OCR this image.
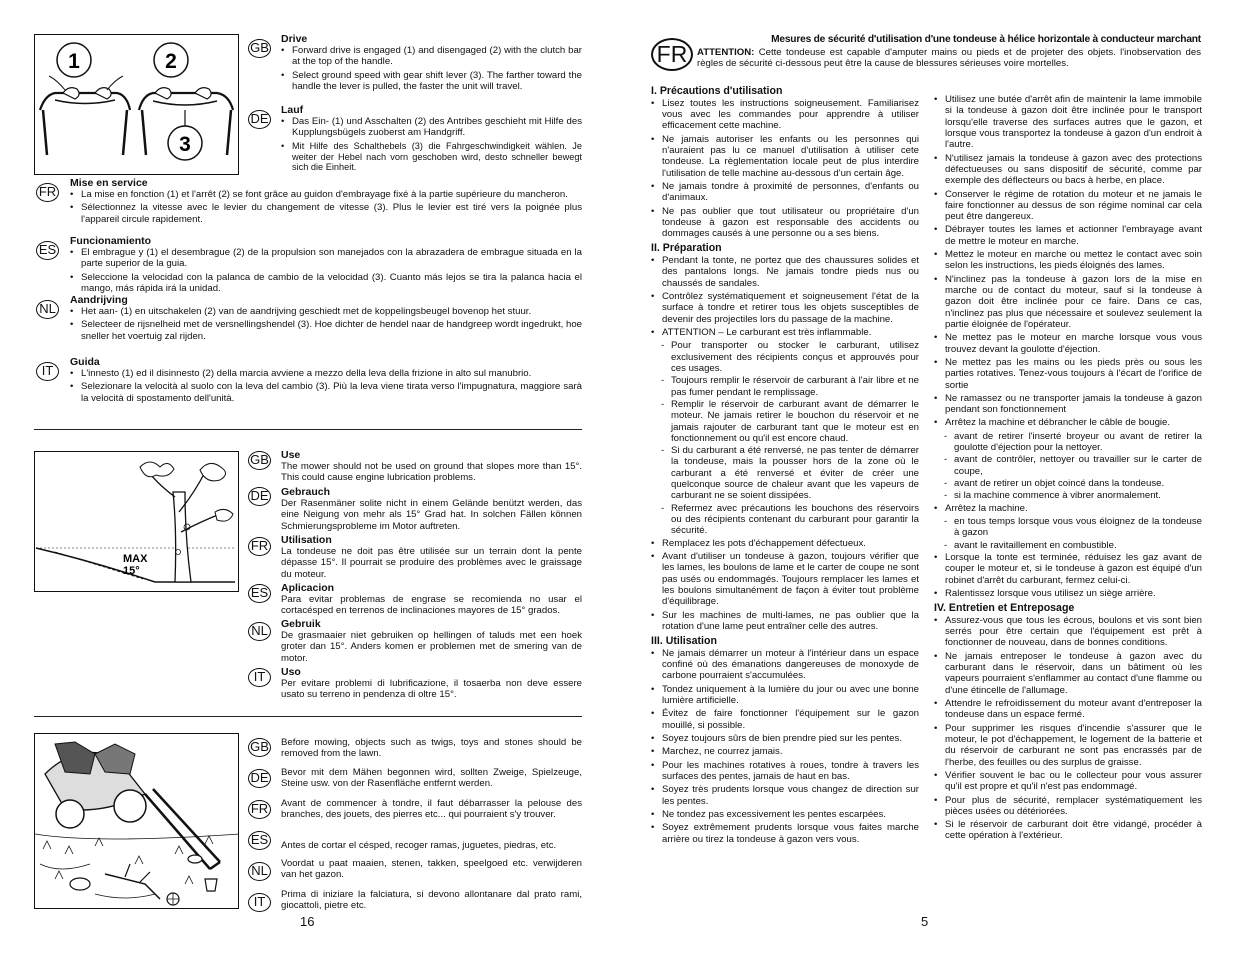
1	2
3
GB
Drive
• Forward drive is engaged (1) and disengaged (2) with the clutch bar at the top of the handle.
• Select ground speed with gear shift lever (3). The farther toward the handle the lever is pulled, the faster the unit will travel.
DE
Lauf
• Das Ein- (1) und Asschalten (2) des Antribes geschieht mit Hilfe des Kupplungsbügels zuoberst am Handgriff.
• Mit Hilfe des Schalthebels (3) die Fahrgeschwindigkeit wählen. Je weiter der Hebel nach vorn geschoben wird, desto schneller bewegt sich die Einheit.
FR
Mise en service
• La mise en fonction (1) et l'arrêt (2) se font grâce au guidon d'embrayage fixé à la partie supérieure du mancheron.
• Sélectionnez la vitesse avec le levier du changement de vitesse (3). Plus le levier est tiré vers la poignée plus l'appareil circule rapidement.
ES
Funcionamiento
• El embrague y (1) el desembrague (2) de la propulsion son manejados con la abrazadera de embrague situada en la parte superior de la guia.
• Seleccione la velocidad con la palanca de cambio de la velocidad (3). Cuanto más lejos se tira la palanca hacia el mango, más rápida irá la unidad.
NL
Aandrijving
• Het aan- (1) en uitschakelen (2) van de aandrijving geschiedt met de koppelingsbeugel bovenop het stuur.
• Selecteer de rijsnelheid met de versnellingshendel (3). Hoe dichter de hendel naar de handgreep wordt ingedrukt, hoe sneller het voertuig zal rijden.
IT
Guida
• L'innesto (1) ed il disinnesto (2) della marcia avviene a mezzo della leva della frizione in alto sul manubrio.
• Selezionare la velocità al suolo con la leva del cambio (3). Più la leva viene tirata verso l'impugnatura, maggiore sarà la velocità di spostamento dell'unità.
MAX
15°
GB Use

The mower should not be used on ground that slopes more than 15°. This could cause engine lubrication problems.

DE Gebrauch

Der Rasenmäner solite nicht in einem Gelände benützt werden, das eine Neigung von mehr als 15° Grad hat. In solchen Fällen können Schmierungsprobleme im Motor auftreten.

FR Utilisation

La tondeuse ne doit pas être utilisée sur un terrain dont la pente dépasse 15°. Il pourrait se produire des problèmes avec le graissage du moteur.

ES Aplicacion

Para evitar problemas de engrase se recomienda no usar el cortacésped en terrenos de inclinaciones mayores de 15° grados.

NL	Gebruik

De grasmaaier niet gebruiken op hellingen of taluds met een hoek groter dan 15°. Anders komen er problemen met de smering van de motor.

IT	Uso

Per evitare problemi di lubrificazione, il tosaerba non deve essere usato su terreno in pendenza di oltre 15°.

GB Before mowing, objects such as twigs, toys and stones should be removed from the lawn.

DE Bevor mit dem Mähen begonnen wird, sollten Zweige, Spielzeuge, Steine usw. von der Rasenfläche entfernt werden.

FR Avant de commencer à tondre, il faut débarrasser la pelouse des branches, des jouets, des pierres etc... qui pourraient s'y trouver.

ES Antes de cortar el césped, recoger ramas, juguetes, piedras, etc.

NL	Voordat u paat maaien, stenen, takken, speelgoed etc. verwijderen van het gazon.

IT	Prima di iniziare la falciatura, si devono allontanare dal prato rami, giocattoli, pietre etc.

16
FR
Mesures de sécurité d'utilisation d'une tondeuse à hélice horizontale à conducteur marchant
ATTENTION: Cette tondeuse est capable d'amputer mains ou pieds et de projeter des objets. l'inobservation des règles de sécurité ci-dessous peut être la cause de blessures sérieuses voire mortelles.
I. Précautions d'utilisation
• Lisez toutes les instructions soigneusement. Familiarisez vous avec les commandes pour apprendre à utiliser efficacement cette machine.
• Ne jamais autoriser les enfants ou les personnes qui n'auraient pas lu ce manuel d'utilisation à utiliser cete tondeuse. La règlementation locale peut de plus interdire l'utilisation de telle machine au-dessous d'un certain âge.
• Ne jamais tondre à proximité de personnes, d'enfants ou d'animaux.
• Ne pas oublier que tout utilisateur ou propriétaire d'un tondeuse à gazon est responsable des accidents ou dommages causés à une personne ou a ses biens.
II. Préparation
• Pendant la tonte, ne portez que des chaussures solides et des pantalons longs. Ne jamais tondre pieds nus ou chaussés de sandales.
• Contrôlez systématiquement et soigneusement l'état de la surface à tondre et retirer tous les objets susceptibles de devenir des projectiles lors du passage de la machine.
• ATTENTION – Le carburant est très inflammable.
- Pour transporter ou stocker le carburant, utilisez exclusivement des récipients conçus et approuvés pour ces usages.
- Toujours remplir le réservoir de carburant à l'air libre et ne pas fumer pendant le remplissage.
- Remplir le réservoir de carburant avant de démarrer le moteur. Ne jamais retirer le bouchon du réservoir et ne jamais rajouter de carburant tant que le moteur est en fonctionnement ou qu'il est encore chaud.
- Si du carburant a été renversé, ne pas tenter de démarrer la tondeuse, mais la pousser hors de la zone où le carburant a été renversé et éviter de créer une quelconque source de chaleur avant que les vapeurs de carburant ne se soient dissipées.
- Refermez avec précautions les bouchons des réservoirs ou des récipients contenant du carburant pour garantir la sécurité.
• Remplacez les pots d'échappement défectueux.
• Avant d'utiliser un tondeuse à gazon, toujours vérifier que les lames, les boulons de lame et le carter de coupe ne sont pas usés ou endommagés. Toujours remplacer les lames et les boulons simultanément de façon à éviter tout problème d'équilibrage.
• Sur les machines de multi-lames, ne pas oublier que la rotation d'une lame peut entraîner celle des autres.
III. Utilisation
• Ne jamais démarrer un moteur à l'intérieur dans un espace confiné où des émanations dangereuses de monoxyde de carbone pourraient s'accumulées.
• Tondez uniquement à la lumière du jour ou avec une bonne lumière artificielle.
• Évitez de faire fonctionner l'équipement sur le gazon mouillé, si possible.
• Soyez toujours sûrs de bien prendre pied sur les pentes.
• Marchez, ne courrez jamais.
• Pour les machines rotatives à roues, tondre à travers les surfaces des pentes, jamais de haut en bas.
• Soyez très prudents lorsque vous changez de direction sur les pentes.
• Ne tondez pas excessivement les pentes escarpées.
• Soyez extrêmement prudents lorsque vous faites marche arrière ou tirez la tondeuse à gazon vers vous.
• Utilisez une butée d'arrêt afin de maintenir la lame immobile si la tondeuse à gazon doit être inclinée pour le transport lorsqu'elle traverse des surfaces autres que le gazon, et lorsque vous transportez la tondeuse à gazon d'un endroit à l'autre.
• N'utilisez jamais la tondeuse à gazon avec des protections défectueuses ou sans dispositif de sécurité, comme par exemple des déflecteurs ou bacs à herbe, en place.
• Conserver le régime de rotation du moteur et ne jamais le faire fonctionner au dessus de son régime nominal car cela peut être dangereux.
• Débrayer toutes les lames et actionner l'embrayage avant de mettre le moteur en marche.
• Mettez le moteur en marche ou mettez le contact avec soin selon les instructions, les pieds éloignés des lames.
• N'inclinez pas la tondeuse à gazon lors de la mise en marche ou de contact du moteur, sauf si la tondeuse à gazon doit être inclinée pour ce faire. Dans ce cas, n'inclinez pas plus que nécessaire et soulevez seulement la partie éloignée de l'opérateur.
• Ne mettez pas le moteur en marche lorsque vous vous trouvez devant la goulotte d'éjection.
• Ne mettez pas les mains ou les pieds près ou sous les parties rotatives. Tenez-vous toujours à l'écart de l'orifice de sortie
• Ne ramassez ou ne transporter jamais la tondeuse à gazon pendant son fonctionnement
• Arrêtez la machine et débrancher le câble de bougie.
- avant de retirer l'inserté broyeur ou avant de retirer la goulotte d'éjection pour la nettoyer.
- avant de contrôler, nettoyer ou travailler sur le carter de coupe,
- avant de retirer un objet coincé dans la tondeuse.
- si la machine commence à vibrer anormalement.
• Arrêtez la machine.
- en tous temps lorsque vous vous éloignez de la tondeuse à gazon
- avant le ravitaillement en combustible.
• Lorsque la tonte est terminée, réduisez les gaz avant de couper le moteur et, si le tondeuse à gazon est équipé d'un robinet d'arrêt du carburant, fermez celui-ci.
• Ralentissez lorsque vous utilisez un siège arrière.
IV. Entretien et Entreposage
• Assurez-vous que tous les écrous, boulons et vis sont bien serrés pour être certain que l'équipement est prêt à fonctionner de nouveau, dans de bonnes conditions.
• Ne jamais entreposer le tondeuse à gazon avec du carburant dans le réservoir, dans un bâtiment où les vapeurs pourraient s'enflammer au contact d'une flamme ou d'une étincelle de l'allumage.
• Attendre le refroidissement du moteur avant d'entreposer la tondeuse dans un espace fermé.
• Pour supprimer les risques d'incendie s'assurer que le moteur, le pot d'échappement, le logement de la batterie et du réservoir de carburant ne sont pas encrassés par de l'herbe, des feuilles ou des surplus de graisse.
• Vérifier souvent le bac ou le collecteur pour vous assurer qu'il est propre et qu'il n'est pas endommagé.
• Pour plus de sécurité, remplacer systématiquement les pièces usées ou détériorées.
• Si le réservoir de carburant doit être vidangé, procéder à cette opération à l'extérieur.
5
